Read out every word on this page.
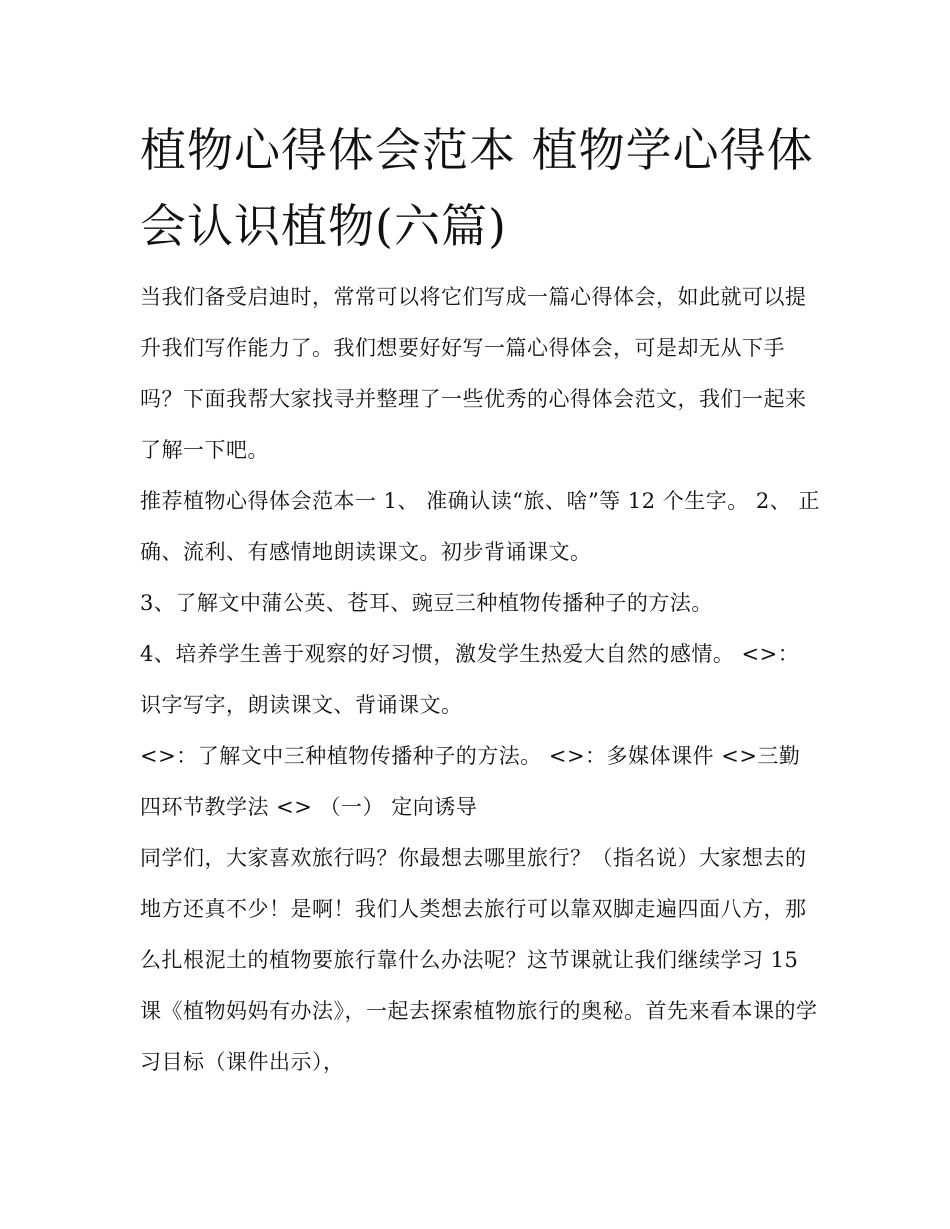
植物心得体会范本 植物学心得体会认识植物(六篇)

当我们备受启迪时，常常可以将它们写成一篇心得体会，如此就可以提升我们写作能力了。我们想要好好写一篇心得体会，可是却无从下手吗？下面我帮大家找寻并整理了一些优秀的心得体会范文，我们一起来了解一下吧。

推荐植物心得体会范本一 1、 准确认读“旅、啥”等 12 个生字。 2、 正确、流利、有感情地朗读课文。初步背诵课文。

3、了解文中蒲公英、苍耳、豌豆三种植物传播种子的方法。

4、培养学生善于观察的好习惯，激发学生热爱大自然的感情。 <>：识字写字，朗读课文、背诵课文。

<>：了解文中三种植物传播种子的方法。 <>：多媒体课件 <>三勤四环节教学法 <> （一） 定向诱导

同学们，大家喜欢旅行吗？你最想去哪里旅行？（指名说）大家想去的地方还真不少！是啊！我们人类想去旅行可以靠双脚走遍四面八方，那么扎根泥土的植物要旅行靠什么办法呢？这节课就让我们继续学习 15 课《植物妈妈有办法》，一起去探索植物旅行的奥秘。首先来看本课的学习目标（课件出示），
